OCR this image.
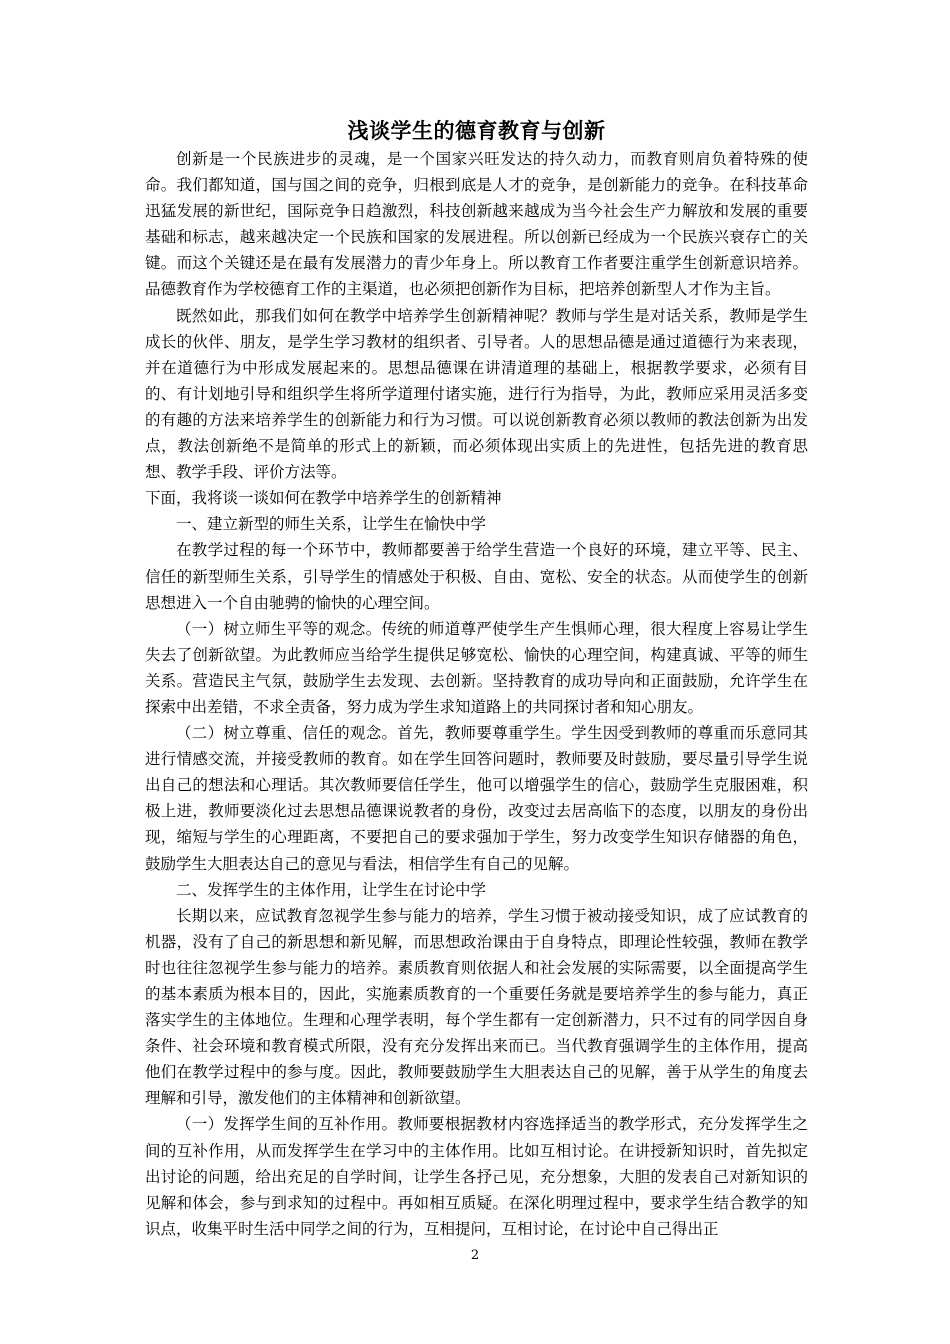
浅谈学生的德育教育与创新

创新是一个民族进步的灵魂，是一个国家兴旺发达的持久动力，而教育则肩负着特殊的使命。我们都知道，国与国之间的竞争，归根到底是人才的竞争，是创新能力的竞争。在科技革命迅猛发展的新世纪，国际竞争日趋激烈，科技创新越来越成为当今社会生产力解放和发展的重要基础和标志，越来越决定一个民族和国家的发展进程。所以创新已经成为一个民族兴衰存亡的关键。而这个关键还是在最有发展潜力的青少年身上。所以教育工作者要注重学生创新意识培养。品德教育作为学校德育工作的主渠道，也必须把创新作为目标，把培养创新型人才作为主旨。

既然如此，那我们如何在教学中培养学生创新精神呢？教师与学生是对话关系，教师是学生成长的伙伴、朋友，是学生学习教材的组织者、引导者。人的思想品德是通过道德行为来表现，并在道德行为中形成发展起来的。思想品德课在讲清道理的基础上，根据教学要求，必须有目的、有计划地引导和组织学生将所学道理付诸实施，进行行为指导，为此，教师应采用灵活多变的有趣的方法来培养学生的创新能力和行为习惯。可以说创新教育必须以教师的教法创新为出发点，教法创新绝不是简单的形式上的新颖，而必须体现出实质上的先进性，包括先进的教育思想、教学手段、评价方法等。

下面，我将谈一谈如何在教学中培养学生的创新精神

一、建立新型的师生关系，让学生在愉快中学

在教学过程的每一个环节中，教师都要善于给学生营造一个良好的环境，建立平等、民主、信任的新型师生关系，引导学生的情感处于积极、自由、宽松、安全的状态。从而使学生的创新思想进入一个自由驰骋的愉快的心理空间。

（一）树立师生平等的观念。传统的师道尊严使学生产生惧师心理，很大程度上容易让学生失去了创新欲望。为此教师应当给学生提供足够宽松、愉快的心理空间，构建真诚、平等的师生关系。营造民主气氛，鼓励学生去发现、去创新。坚持教育的成功导向和正面鼓励，允许学生在探索中出差错，不求全责备，努力成为学生求知道路上的共同探讨者和知心朋友。

（二）树立尊重、信任的观念。首先，教师要尊重学生。学生因受到教师的尊重而乐意同其进行情感交流，并接受教师的教育。如在学生回答问题时，教师要及时鼓励，要尽量引导学生说出自己的想法和心理话。其次教师要信任学生，他可以增强学生的信心，鼓励学生克服困难，积极上进，教师要淡化过去思想品德课说教者的身份，改变过去居高临下的态度，以朋友的身份出现，缩短与学生的心理距离，不要把自己的要求强加于学生，努力改变学生知识存储器的角色，鼓励学生大胆表达自己的意见与看法，相信学生有自己的见解。

二、发挥学生的主体作用，让学生在讨论中学

长期以来，应试教育忽视学生参与能力的培养，学生习惯于被动接受知识，成了应试教育的机器，没有了自己的新思想和新见解，而思想政治课由于自身特点，即理论性较强，教师在教学时也往往忽视学生参与能力的培养。素质教育则依据人和社会发展的实际需要，以全面提高学生的基本素质为根本目的，因此，实施素质教育的一个重要任务就是要培养学生的参与能力，真正落实学生的主体地位。生理和心理学表明，每个学生都有一定创新潜力，只不过有的同学因自身条件、社会环境和教育模式所限，没有充分发挥出来而已。当代教育强调学生的主体作用，提高他们在教学过程中的参与度。因此，教师要鼓励学生大胆表达自己的见解，善于从学生的角度去理解和引导，激发他们的主体精神和创新欲望。

（一）发挥学生间的互补作用。教师要根据教材内容选择适当的教学形式，充分发挥学生之间的互补作用，从而发挥学生在学习中的主体作用。比如互相讨论。在讲授新知识时，首先拟定出讨论的问题，给出充足的自学时间，让学生各抒己见，充分想象，大胆的发表自己对新知识的见解和体会，参与到求知的过程中。再如相互质疑。在深化明理过程中，要求学生结合教学的知识点，收集平时生活中同学之间的行为，互相提问，互相讨论，在讨论中自己得出正

2
